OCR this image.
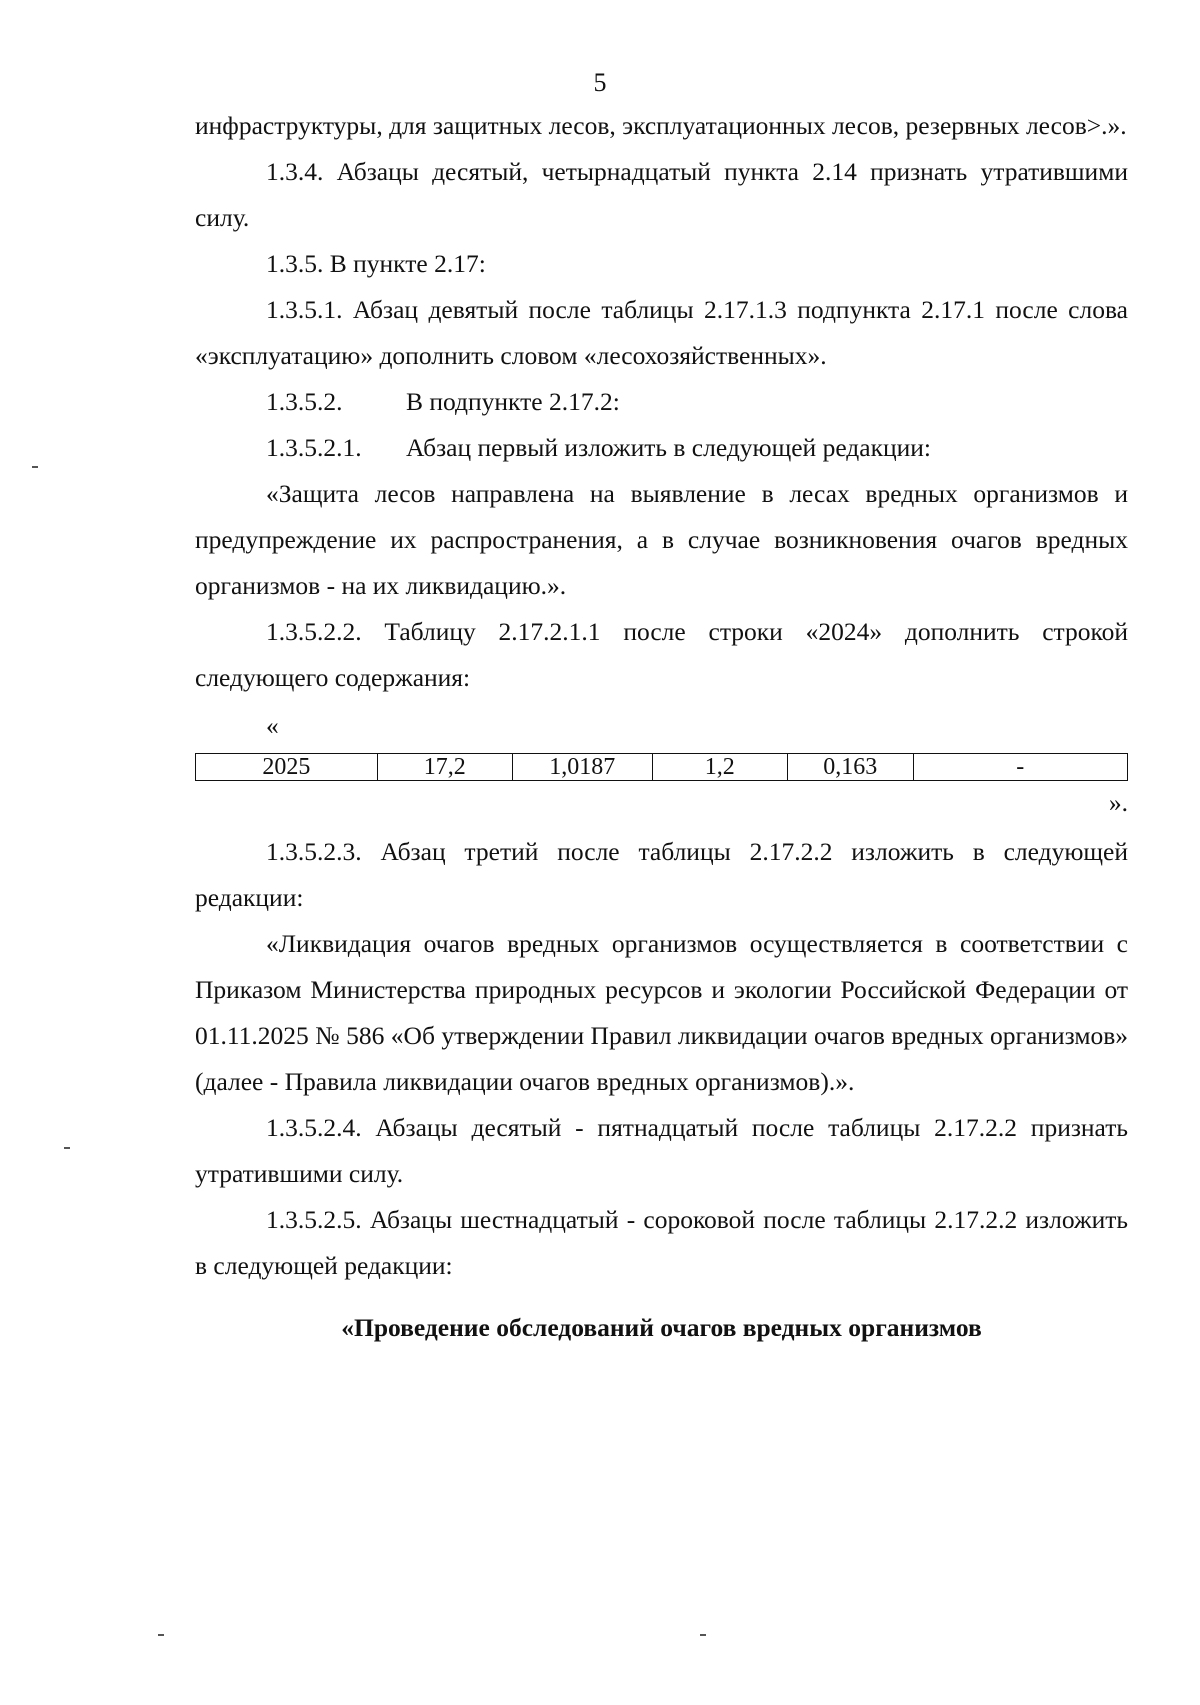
5

инфраструктуры, для защитных лесов, эксплуатационных лесов, резервных лесов>.».

1.3.4. Абзацы десятый, четырнадцатый пункта 2.14 признать утратившими силу.

1.3.5. В пункте 2.17:

1.3.5.1. Абзац девятый после таблицы 2.17.1.3 подпункта 2.17.1 после слова «эксплуатацию» дополнить словом «лесохозяйственных».

1.3.5.2.	В подпункте 2.17.2:
1.3.5.2.1.	Абзац первый изложить в следующей редакции:

«Защита лесов направлена на выявление в лесах вредных организмов и предупреждение их распространения, а в случае возникновения очагов вредных организмов - на их ликвидацию.».

1.3.5.2.2. Таблицу 2.17.2.1.1 после строки «2024» дополнить строкой следующего содержания:

«
2025	17,2	1,0187	1,2	0,163	-
».

1.3.5.2.3. Абзац третий после таблицы 2.17.2.2 изложить в следующей редакции:

«Ликвидация очагов вредных организмов осуществляется в соответствии с Приказом Министерства природных ресурсов и экологии Российской Федерации от 01.11.2025 № 586 «Об утверждении Правил ликвидации очагов вредных организмов» (далее - Правила ликвидации очагов вредных организмов).».

1.3.5.2.4. Абзацы десятый - пятнадцатый после таблицы 2.17.2.2 признать утратившими силу.

1.3.5.2.5. Абзацы шестнадцатый - сороковой после таблицы 2.17.2.2 изложить в следующей редакции:

«Проведение обследований очагов вредных организмов
